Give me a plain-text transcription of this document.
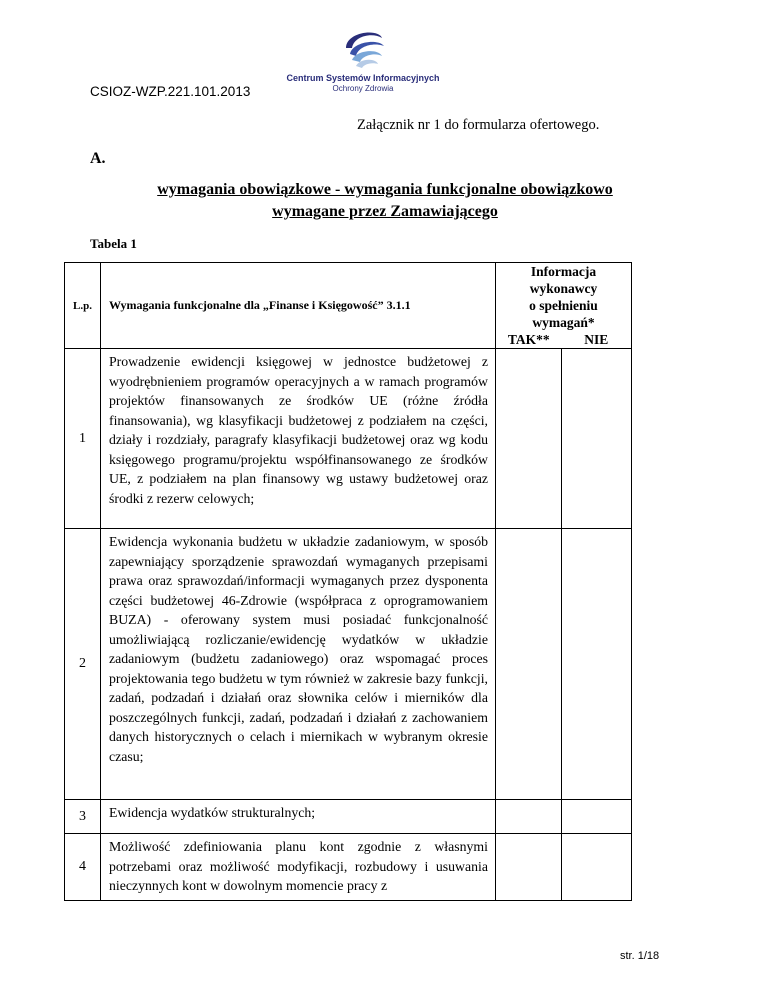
CSIOZ-WZP.221.101.2013
Centrum Systemów Informacyjnych
Ochrony Zdrowia
Załącznik nr 1 do formularza ofertowego.
A.
wymagania obowiązkowe - wymagania funkcjonalne obowiązkowo
wymagane przez Zamawiającego
Tabela 1
L.p.	Wymagania funkcjonalne dla „Finanse i Księgowość” 3.1.1	Informacja
wykonawcy
o spełnieniu
wymagań*	

		TAK**	NIE
1	Prowadzenie ewidencji księgowej w jednostce budżetowej z wyodrębnieniem programów operacyjnych a w ramach programów projektów finansowanych ze środków UE (różne źródła finansowania), wg klasyfikacji budżetowej z podziałem na części, działy i rozdziały, paragrafy klasyfikacji budżetowej oraz wg kodu księgowego programu/projektu współfinansowanego ze środków UE, z podziałem na plan finansowy wg ustawy budżetowej oraz środki z rezerw celowych;		
2	Ewidencja wykonania budżetu w układzie zadaniowym, w sposób zapewniający sporządzenie sprawozdań wymaganych przepisami prawa oraz sprawozdań/informacji wymaganych przez dysponenta części budżetowej 46-Zdrowie (współpraca z oprogramowaniem BUZA) - oferowany system musi posiadać funkcjonalność umożliwiającą rozliczanie/ewidencję wydatków w układzie zadaniowym (budżetu zadaniowego) oraz wspomagać proces projektowania tego budżetu w tym również w zakresie bazy funkcji, zadań, podzadań i działań oraz słownika celów i mierników dla poszczególnych funkcji, zadań, podzadań i działań z zachowaniem danych historycznych o celach i miernikach w wybranym okresie czasu;		
3	Ewidencja wydatków strukturalnych;		
4	Możliwość zdefiniowania planu kont zgodnie z własnymi potrzebami oraz możliwość modyfikacji, rozbudowy i usuwania nieczynnych kont w dowolnym momencie pracy z		
str. 1/18
